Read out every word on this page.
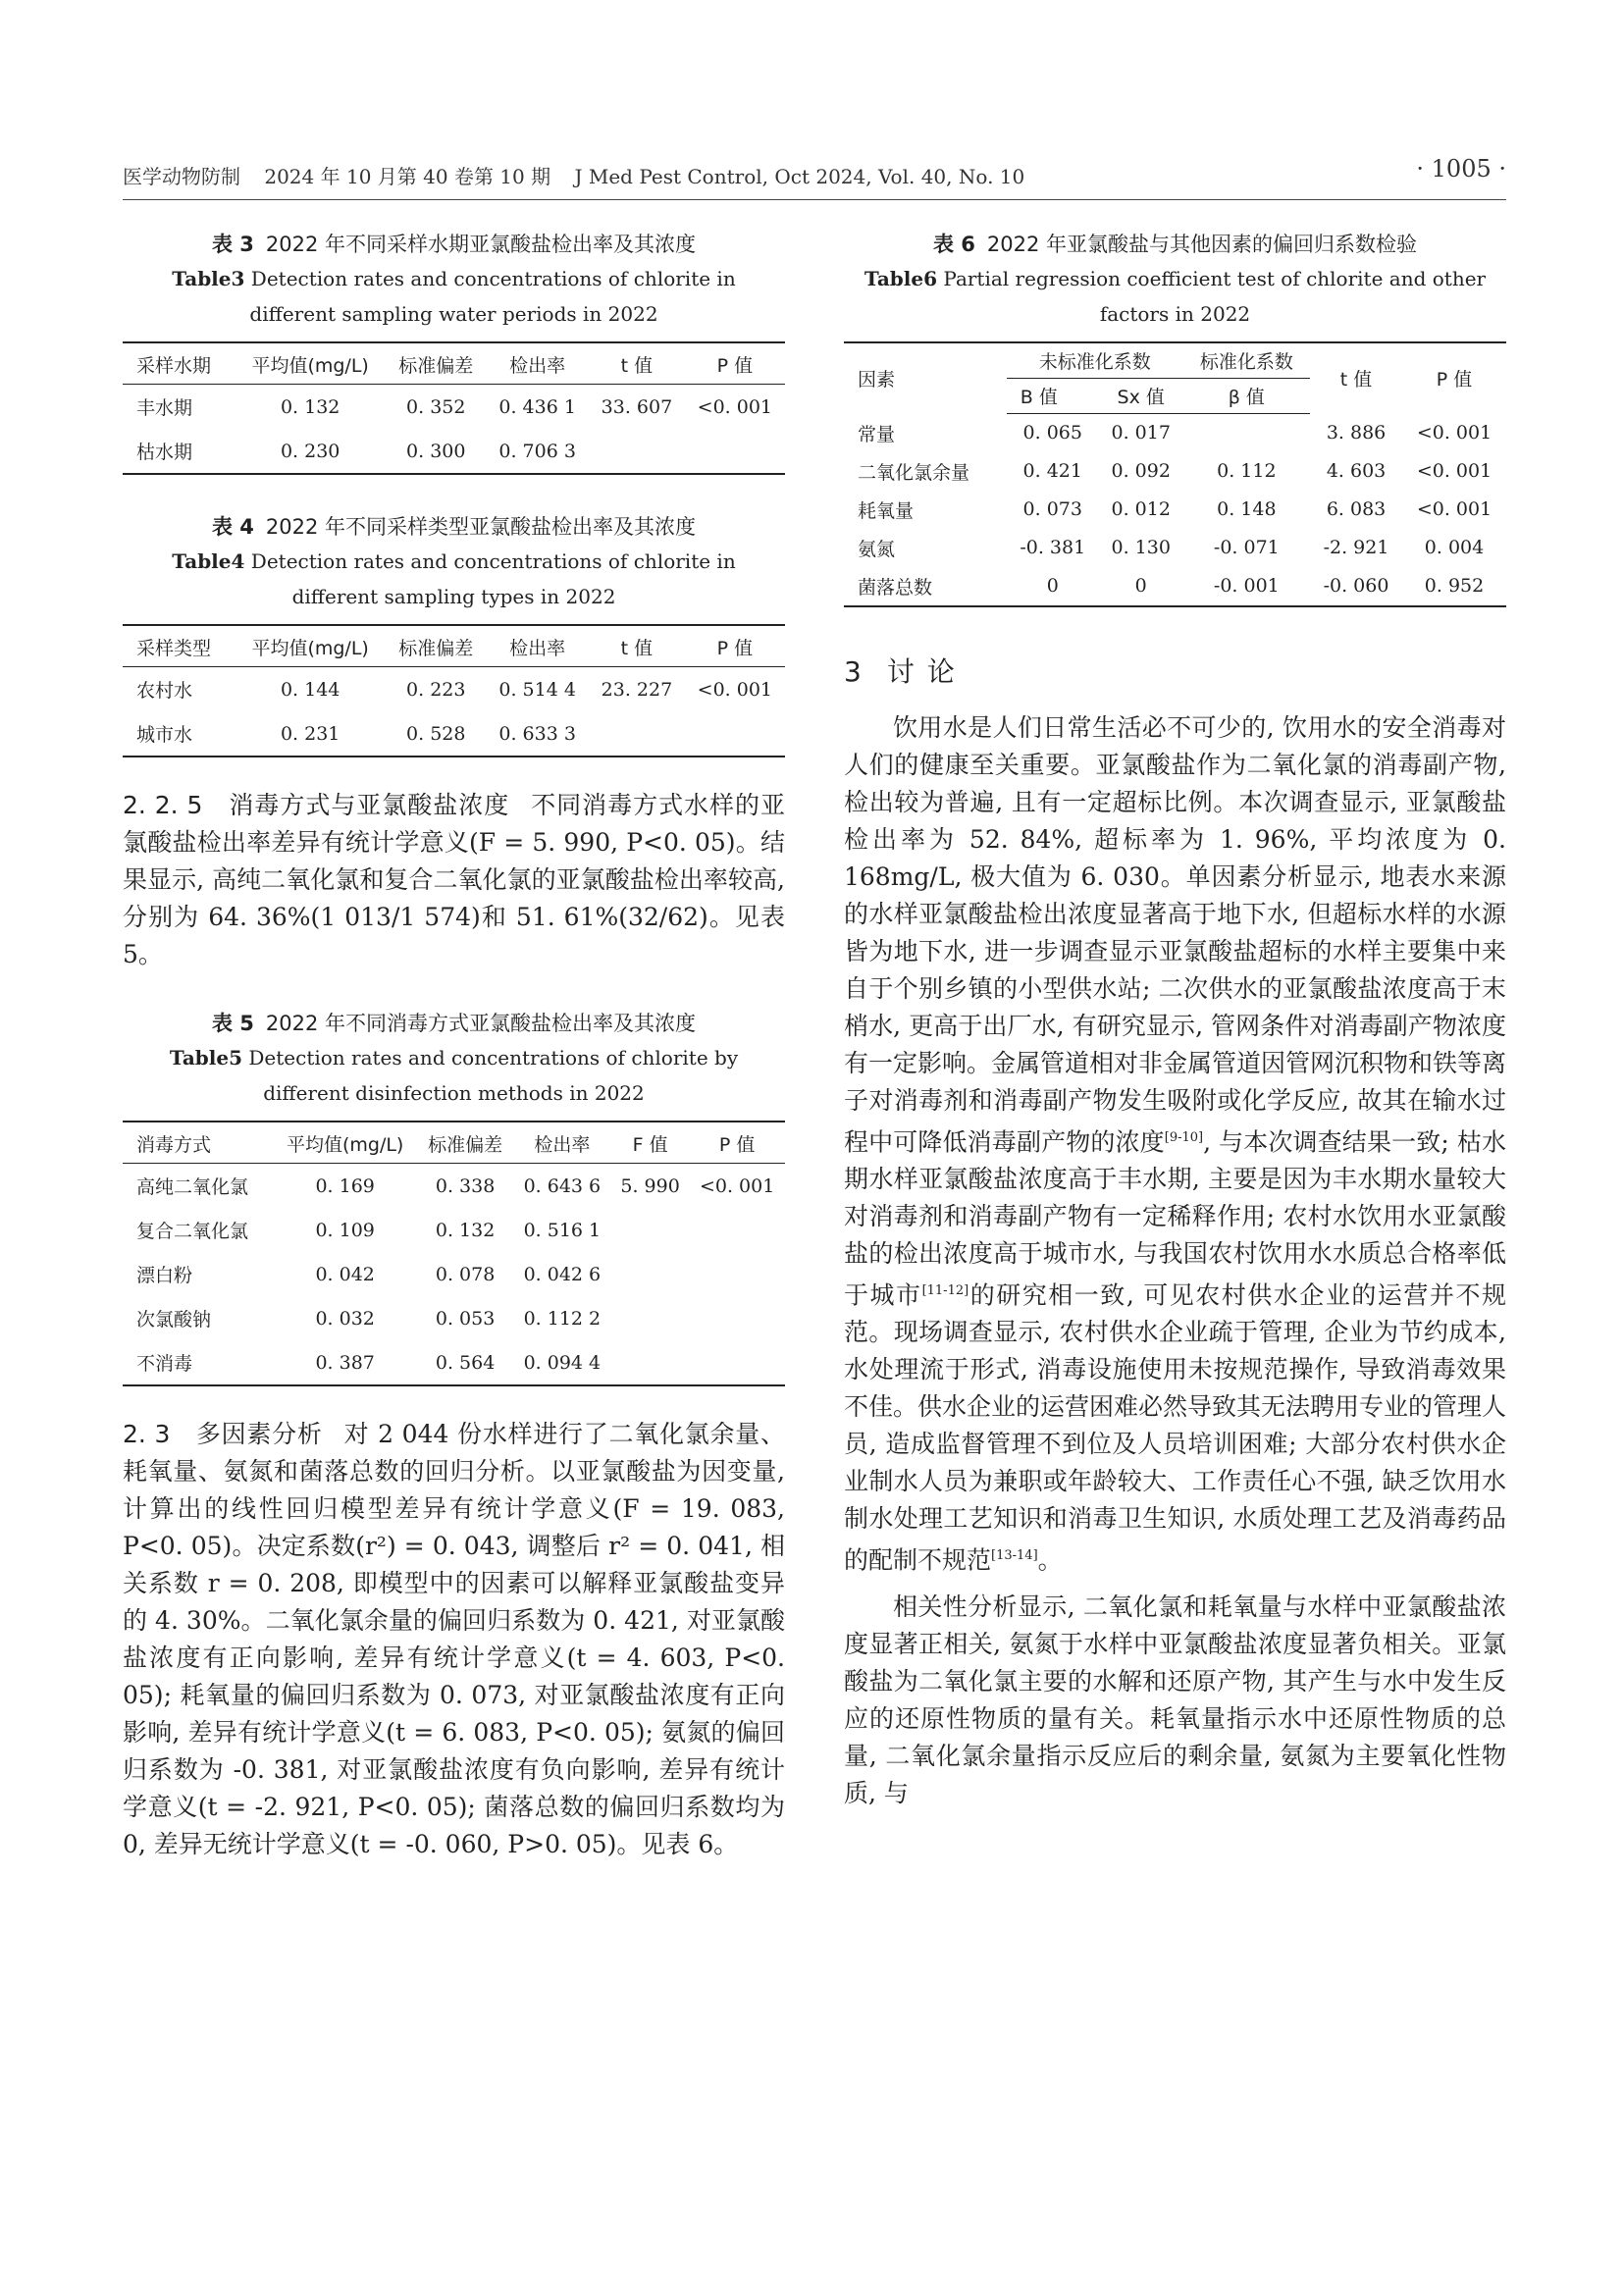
医学动物防制 2024 年 10 月第 40 卷第 10 期 J Med Pest Control, Oct 2024, Vol. 40, No. 10	· 1005 ·
表 3 2022 年不同采样水期亚氯酸盐检出率及其浓度
Table3 Detection rates and concentrations of chlorite in different sampling water periods in 2022
采样水期	平均值(mg/L)	标准偏差	检出率	t 值	P 值
丰水期	0. 132	0. 352	0. 436 1	33. 607	<0. 001
枯水期	0. 230	0. 300	0. 706 3		
表 4 2022 年不同采样类型亚氯酸盐检出率及其浓度
Table4 Detection rates and concentrations of chlorite in different sampling types in 2022
采样类型	平均值(mg/L)	标准偏差	检出率	t 值	P 值
农村水	0. 144	0. 223	0. 514 4	23. 227	<0. 001
城市水	0. 231	0. 528	0. 633 3		

2. 2. 5　消毒方式与亚氯酸盐浓度 不同消毒方式水样的亚氯酸盐检出率差异有统计学意义(F = 5. 990, P<0. 05)。结果显示, 高纯二氧化氯和复合二氧化氯的亚氯酸盐检出率较高, 分别为 64. 36%(1 013/1 574)和 51. 61%(32/62)。见表 5。

表 5 2022 年不同消毒方式亚氯酸盐检出率及其浓度
Table5 Detection rates and concentrations of chlorite by different disinfection methods in 2022
消毒方式	平均值(mg/L)	标准偏差	检出率	F 值	P 值
高纯二氧化氯	0. 169	0. 338	0. 643 6	5. 990	<0. 001
复合二氧化氯	0. 109	0. 132	0. 516 1		
漂白粉	0. 042	0. 078	0. 042 6		
次氯酸钠	0. 032	0. 053	0. 112 2		
不消毒	0. 387	0. 564	0. 094 4		

2. 3　多因素分析 对 2 044 份水样进行了二氧化氯余量、耗氧量、氨氮和菌落总数的回归分析。以亚氯酸盐为因变量, 计算出的线性回归模型差异有统计学意义(F = 19. 083, P<0. 05)。决定系数(r²) = 0. 043, 调整后 r² = 0. 041, 相关系数 r = 0. 208, 即模型中的因素可以解释亚氯酸盐变异的 4. 30%。二氧化氯余量的偏回归系数为 0. 421, 对亚氯酸盐浓度有正向影响, 差异有统计学意义(t = 4. 603, P<0. 05); 耗氧量的偏回归系数为 0. 073, 对亚氯酸盐浓度有正向影响, 差异有统计学意义(t = 6. 083, P<0. 05); 氨氮的偏回归系数为 -0. 381, 对亚氯酸盐浓度有负向影响, 差异有统计学意义(t = -2. 921, P<0. 05); 菌落总数的偏回归系数均为 0, 差异无统计学意义(t = -0. 060, P>0. 05)。见表 6。

表 6 2022 年亚氯酸盐与其他因素的偏回归系数检验
Table6 Partial regression coefficient test of chlorite and other factors in 2022
因素	未标准化系数		标准化系数	t 值	P 值
	B 值	Sx 值	β 值		
常量	0. 065	0. 017		3. 886	<0. 001
二氧化氯余量	0. 421	0. 092	0. 112	4. 603	<0. 001
耗氧量	0. 073	0. 012	0. 148	6. 083	<0. 001
氨氮	-0. 381	0. 130	-0. 071	-2. 921	0. 004
菌落总数	0	0	-0. 001	-0. 060	0. 952
3 讨 论

饮用水是人们日常生活必不可少的, 饮用水的安全消毒对人们的健康至关重要。亚氯酸盐作为二氧化氯的消毒副产物, 检出较为普遍, 且有一定超标比例。本次调查显示, 亚氯酸盐检出率为 52. 84%, 超标率为 1. 96%, 平均浓度为 0. 168mg/L, 极大值为 6. 030。单因素分析显示, 地表水来源的水样亚氯酸盐检出浓度显著高于地下水, 但超标水样的水源皆为地下水, 进一步调查显示亚氯酸盐超标的水样主要集中来自于个别乡镇的小型供水站; 二次供水的亚氯酸盐浓度高于末梢水, 更高于出厂水, 有研究显示, 管网条件对消毒副产物浓度有一定影响。金属管道相对非金属管道因管网沉积物和铁等离子对消毒剂和消毒副产物发生吸附或化学反应, 故其在输水过程中可降低消毒副产物的浓度[9-10], 与本次调查结果一致; 枯水期水样亚氯酸盐浓度高于丰水期, 主要是因为丰水期水量较大对消毒剂和消毒副产物有一定稀释作用; 农村水饮用水亚氯酸盐的检出浓度高于城市水, 与我国农村饮用水水质总合格率低于城市[11-12]的研究相一致, 可见农村供水企业的运营并不规范。现场调查显示, 农村供水企业疏于管理, 企业为节约成本, 水处理流于形式, 消毒设施使用未按规范操作, 导致消毒效果不佳。供水企业的运营困难必然导致其无法聘用专业的管理人员, 造成监督管理不到位及人员培训困难; 大部分农村供水企业制水人员为兼职或年龄较大、工作责任心不强, 缺乏饮用水制水处理工艺知识和消毒卫生知识, 水质处理工艺及消毒药品的配制不规范[13-14]。

相关性分析显示, 二氧化氯和耗氧量与水样中亚氯酸盐浓度显著正相关, 氨氮于水样中亚氯酸盐浓度显著负相关。亚氯酸盐为二氧化氯主要的水解和还原产物, 其产生与水中发生反应的还原性物质的量有关。耗氧量指示水中还原性物质的总量, 二氧化氯余量指示反应后的剩余量, 氨氮为主要氧化性物质, 与
